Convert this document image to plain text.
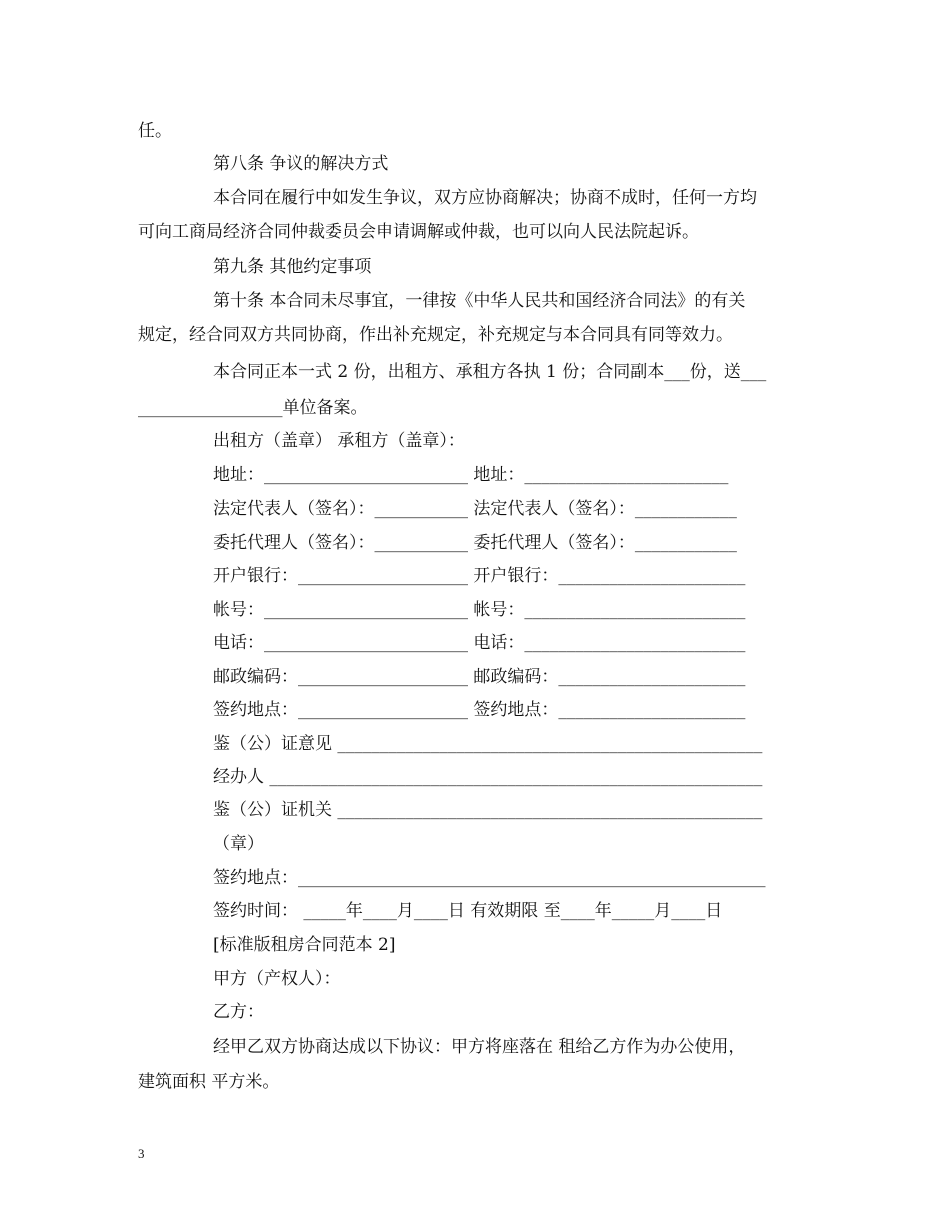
任。
第八条 争议的解决方式
本合同在履行中如发生争议，双方应协商解决；协商不成时，任何一方均
可向工商局经济合同仲裁委员会申请调解或仲裁，也可以向人民法院起诉。
第九条 其他约定事项
第十条 本合同未尽事宜，一律按《中华人民共和国经济合同法》的有关
规定，经合同双方共同协商，作出补充规定，补充规定与本合同具有同等效力。
本合同正本一式 2 份，出租方、承租方各执 1 份；合同副本___份，送___
_________________单位备案。
出租方（盖章） 承租方（盖章）：
地址：________________________ 地址：________________________
法定代表人（签名）：___________ 法定代表人（签名）：____________
委托代理人（签名）：___________ 委托代理人（签名）：____________
开户银行：____________________ 开户银行：______________________
帐号：________________________ 帐号：__________________________
电话：________________________ 电话：__________________________
邮政编码：____________________ 邮政编码：______________________
签约地点：____________________ 签约地点：______________________
鉴（公）证意见 __________________________________________________
经办人 __________________________________________________________
鉴（公）证机关 __________________________________________________
（章）
签约地点：_______________________________________________________
签约时间： _____年____月____日 有效期限 至____年_____月____日
[标准版租房合同范本 2]
甲方（产权人）：
乙方：
经甲乙双方协商达成以下协议：甲方将座落在 租给乙方作为办公使用，
建筑面积 平方米。
3
